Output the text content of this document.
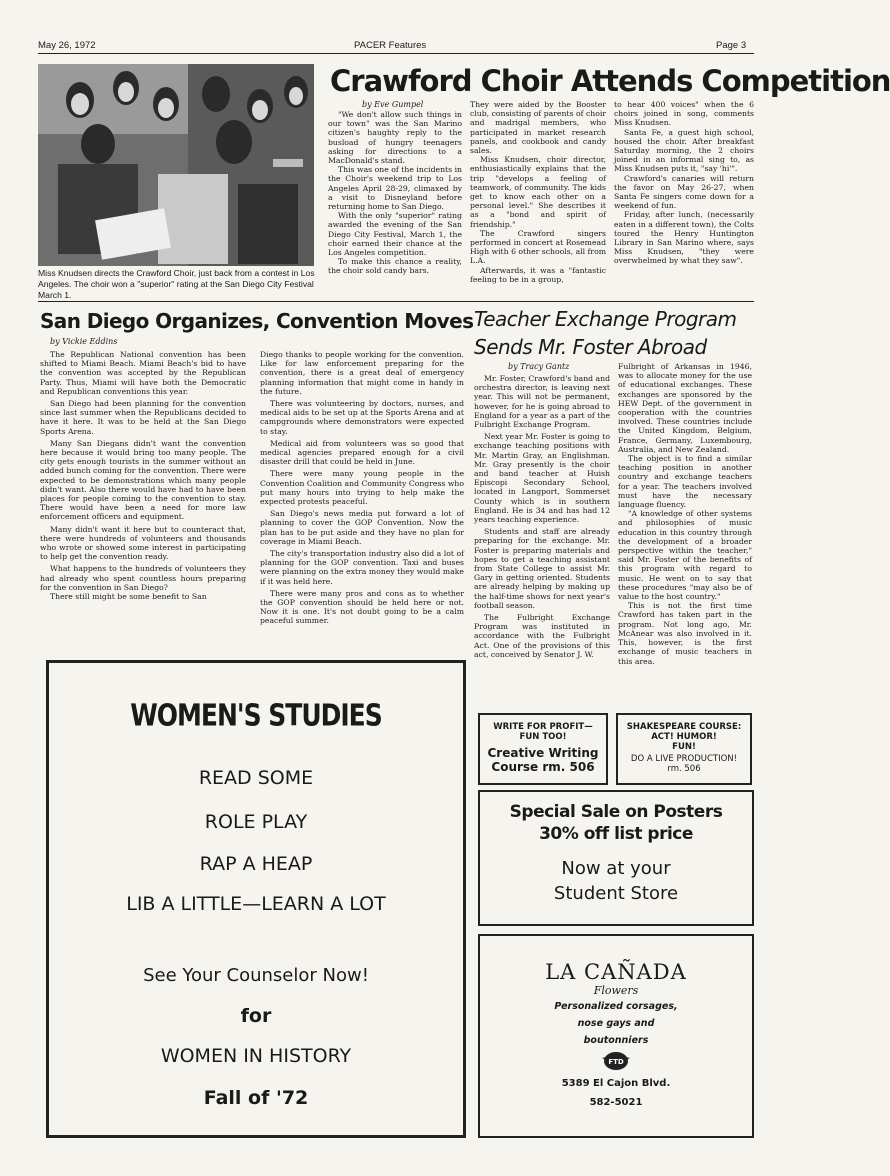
May 26, 1972	PACER Features	Page 3
Miss Knudsen directs the Crawford Choir, just back from a contest in Los Angeles. The choir won a "superior" rating at the San Diego City Festival March 1.
Crawford Choir Attends Competition
by Eve Gumpel

"We don't allow such things in our town" was the San Marino citizen's haughty reply to the busload of hungry teenagers asking for directions to a MacDonald's stand.

This was one of the incidents in the Choir's weekend trip to Los Angeles April 28-29, climaxed by a visit to Disneyland before returning home to San Diego.

With the only "superior" rating awarded the evening of the San Diego City Festival, March 1, the choir earned their chance at the Los Angeles competition.

To make this chance a reality, the choir sold candy bars.

They were aided by the Booster club, consisting of parents of choir and madrigal members, who participated in market research panels, and cookbook and candy sales.

Miss Knudsen, choir director, enthusiastically explains that the trip "develops a feeling of teamwork, of community. The kids get to know each other on a personal level." She describes it as a "bond and spirit of friendship."

The Crawford singers performed in concert at Rosemead High with 6 other schools, all from L.A.

Afterwards, it was a "fantastic feeling to be in a group,

to hear 400 voices" when the 6 choirs joined in song, comments Miss Knudsen.

Santa Fe, a guest high school, housed the choir. After breakfast Saturday morning, the 2 choirs joined in an informal sing to, as Miss Knudsen puts it, "say 'hi'".

Crawford's canaries will return the favor on May 26-27, when Santa Fe singers come down for a weekend of fun.

Friday, after lunch, (necessarily eaten in a different town), the Colts toured the Henry Huntington Library in San Marino where, says Miss Knudsen, "they were overwhelmed by what they saw".

San Diego Organizes, Convention Moves
by Vickie Eddins

The Republican National convention has been shifted to Miami Beach. Miami Beach's bid to have the convention was accepted by the Republican Party. Thus, Miami will have both the Democratic and Republican conventions this year.

San Diego had been planning for the convention since last summer when the Republicans decided to have it here. It was to be held at the San Diego Sports Arena.

Many San Diegans didn't want the convention here because it would bring too many people. The city gets enough tourists in the summer without an added bunch coming for the convention. There were expected to be demonstrations which many people didn't want. Also there would have had to have been places for people coming to the convention to stay. There would have been a need for more law enforcement officers and equipment.

Many didn't want it here but to counteract that, there were hundreds of volunteers and thousands who wrote or showed some interest in participating to help get the convention ready.

What happens to the hundreds of volunteers they had already who spent countless hours preparing for the convention in San Diego?

There still might be some benefit to San

Diego thanks to people working for the convention. Like for law enforcement preparing for the convention, there is a great deal of emergency planning information that might come in handy in the future.

There was volunteering by doctors, nurses, and medical aids to be set up at the Sports Arena and at campgrounds where demonstrators were expected to stay.

Medical aid from volunteers was so good that medical agencies prepared enough for a civil disaster drill that could be held in June.

There were many young people in the Convention Coalition and Community Congress who put many hours into trying to help make the expected protests peaceful.

San Diego's news media put forward a lot of planning to cover the GOP Convention. Now the plan has to be put aside and they have no plan for coverage in Miami Beach.

The city's transportation industry also did a lot of planning for the GOP convention. Taxi and buses were planning on the extra money they would make if it was held here.

There were many pros and cons as to whether the GOP convention should be held here or not. Now it is one. It's not doubt going to be a calm peaceful summer.

Teacher Exchange Program
Sends Mr. Foster Abroad
by Tracy Gantz

Mr. Foster, Crawford's band and orchestra director, is leaving next year. This will not be permanent, however, for he is going abroad to England for a year as a part of the Fulbright Exchange Program.

Next year Mr. Foster is going to exchange teaching positions with Mr. Martin Gray, an Englishman. Mr. Gray presently is the choir and band teacher at Huish Episcopi Secondary School, located in Langport, Sommerset County which is in southern England. He is 34 and has had 12 years teaching experience.

Students and staff are already preparing for the exchange. Mr. Foster is preparing materials and hopes to get a teaching assistant from State College to assist Mr. Gary in getting oriented. Students are already helping by making up the half-time shows for next year's football season.

The Fulbright Exchange Program was instituted in accordance with the Fulbright Act. One of the provisions of this act, conceived by Senator J. W.

Fulbright of Arkansas in 1946, was to allocate money for the use of educational exchanges. These exchanges are sponsored by the HEW Dept. of the government in cooperation with the countries involved. These countries include the United Kingdom, Belgium, France, Germany, Luxembourg, Australia, and New Zealand.

The object is to find a similar teaching position in another country and exchange teachers for a year. The teachers involved must have the necessary language fluency.

"A knowledge of other systems and philosophies of music education in this country through the development of a broader perspective within the teacher," said Mr. Foster of the benefits of this program with regard to music. He went on to say that these procedures "may also be of value to the host country."

This is not the first time Crawford has taken part in the program. Not long ago, Mr. McAnear was also involved in it. This, however, is the first exchange of music teachers in this area.

WOMEN'S STUDIES
READ SOME
ROLE PLAY
RAP A HEAP
LIB A LITTLE—LEARN A LOT
See Your Counselor Now!
for
WOMEN IN HISTORY
Fall of '72
WRITE FOR PROFIT—
FUN TOO!
Creative Writing
Course rm. 506
SHAKESPEARE COURSE:
ACT! HUMOR!
FUN!
DO A LIVE PRODUCTION!
rm. 506
Special Sale on Posters
30% off list price
Now at your
Student Store
LA CAÑADA
Flowers
Personalized corsages,
nose gays and
boutonniers
FTD
5389 El Cajon Blvd.
582-5021
